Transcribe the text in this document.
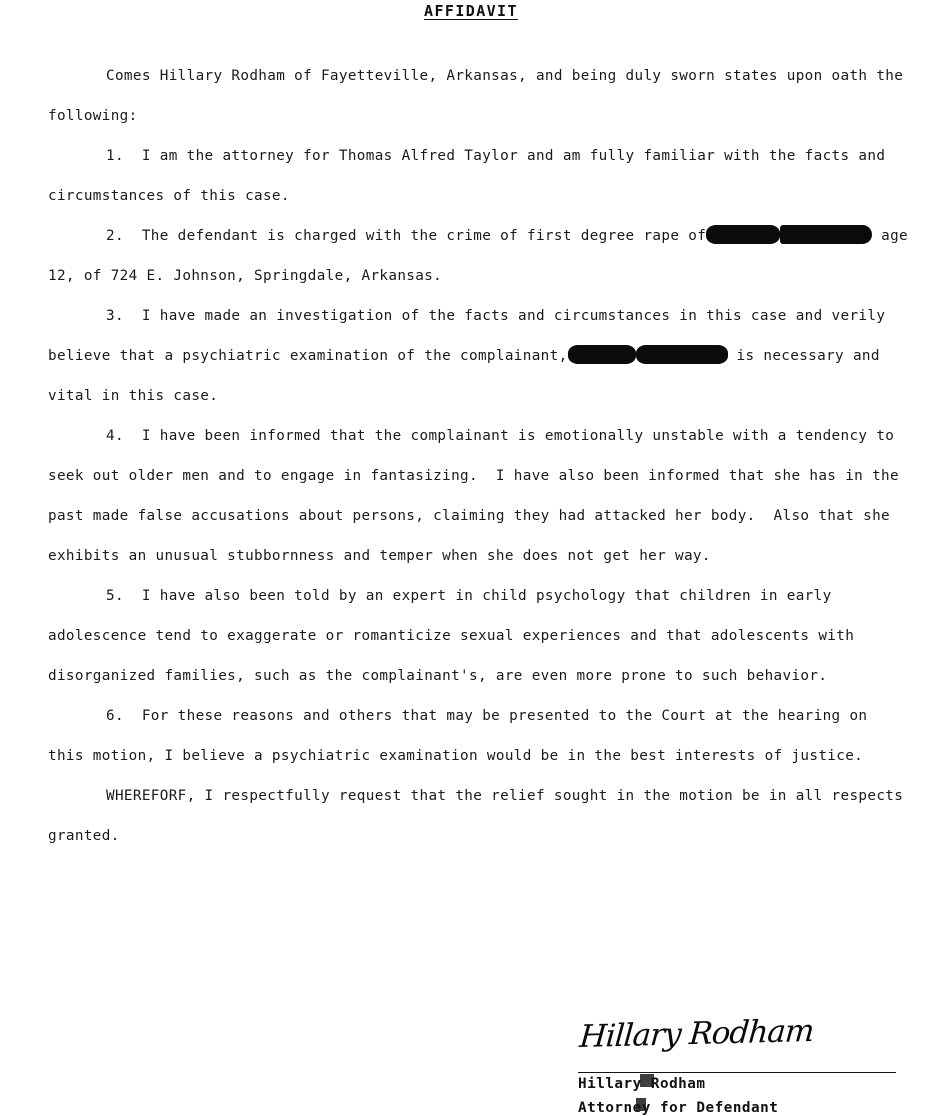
AFFIDAVIT

Comes Hillary Rodham of Fayetteville, Arkansas, and being duly sworn states upon oath the following:

1.  I am the attorney for Thomas Alfred Taylor and am fully familiar with the facts and circumstances of this case.

2.  The defendant is charged with the crime of first degree rape of	age 12, of 724 E. Johnson, Springdale, Arkansas.

3.  I have made an investigation of the facts and circumstances in this case and verily believe that a psychiatric examination of the complainant,	is necessary and vital in this case.

4.  I have been informed that the complainant is emotionally unstable with a tendency to seek out older men and to engage in fantasizing.  I have also been informed that she has in the past made false accusations about persons, claiming they had attacked her body.  Also that she exhibits an unusual stubbornness and temper when she does not get her way.

5.  I have also been told by an expert in child psychology that children in early adolescence tend to exaggerate or romanticize sexual experiences and that adolescents with disorganized families, such as the complainant's, are even more prone to such behavior.

6.  For these reasons and others that may be presented to the Court at the hearing on this motion, I believe a psychiatric examination would be in the best interests of justice.

WHEREFORF, I respectfully request that the relief sought in the motion be in all respects granted.

Hillary Rodham
Hillary Rodham
Attorney for Defendant
